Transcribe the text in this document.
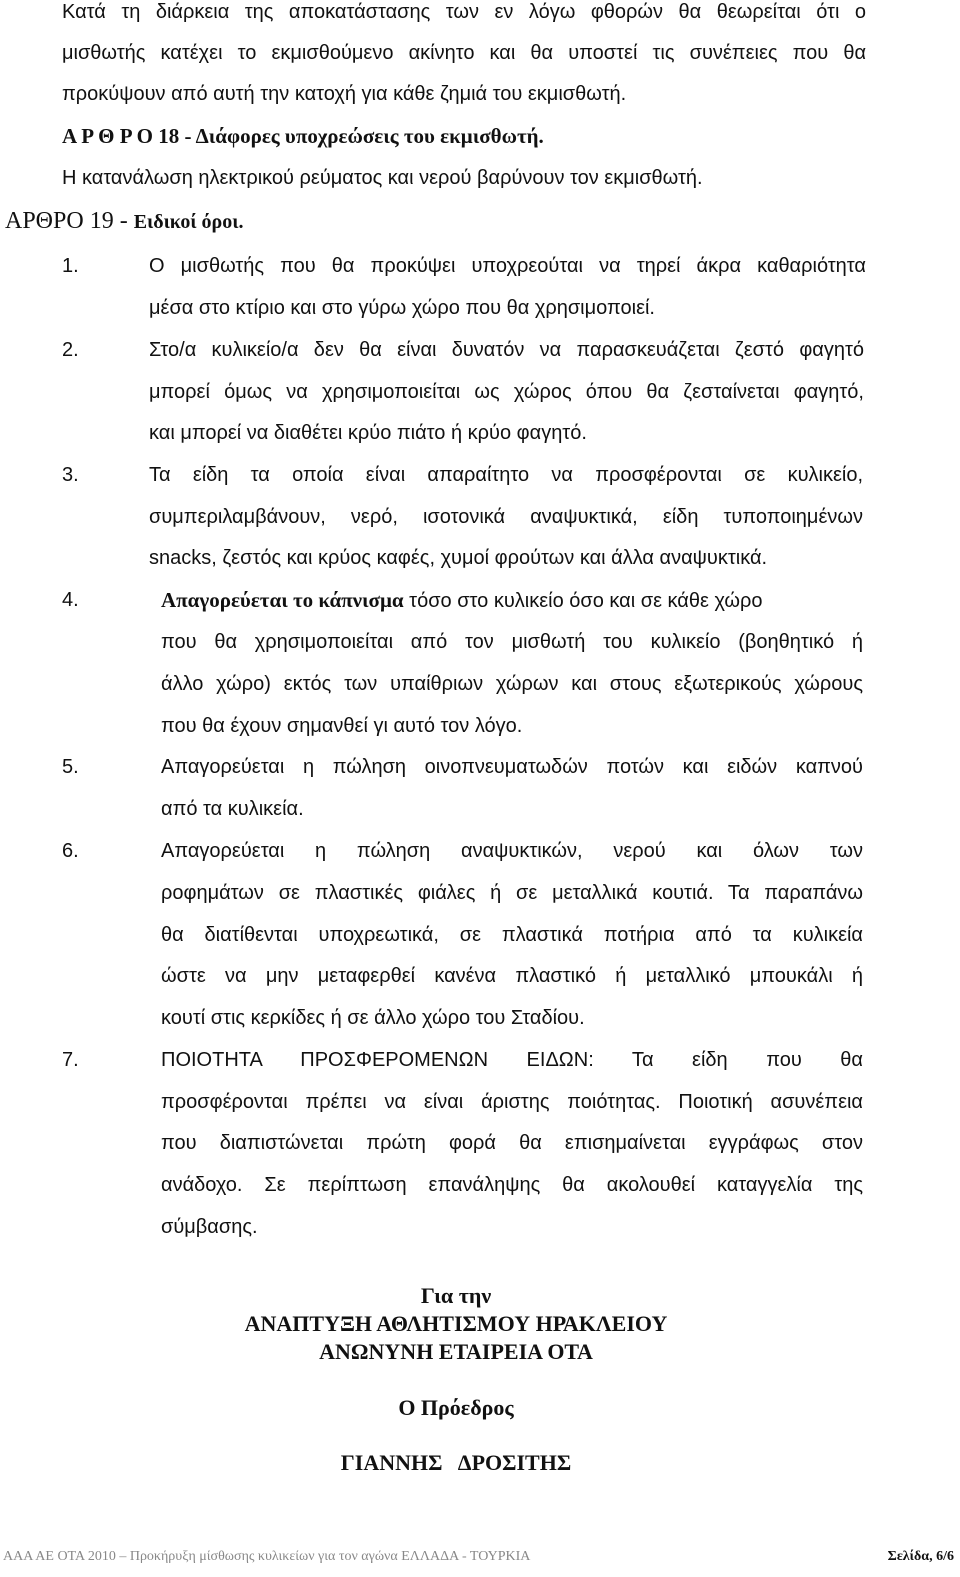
Κατά τη διάρκεια της αποκατάστασης των εν λόγω φθορών θα θεωρείται ότι ο
μισθωτής κατέχει το εκμισθούμενο ακίνητο και θα υποστεί τις συνέπειες που θα
προκύψουν από αυτή την κατοχή για κάθε ζημιά του εκμισθωτή.
Α Ρ Θ Ρ Ο 18 - Διάφορες υποχρεώσεις του εκμισθωτή.
Η κατανάλωση ηλεκτρικού ρεύματος και νερού βαρύνουν τον εκμισθωτή.
ΑΡΘΡΟ 19 - Ειδικοί όροι.
1.	Ο μισθωτής που θα προκύψει υποχρεούται να τηρεί άκρα καθαριότητα
μέσα στο κτίριο και στο γύρω χώρο που θα χρησιμοποιεί.
2.	Στο/α κυλικείο/α δεν θα είναι δυνατόν να παρασκευάζεται ζεστό φαγητό
μπορεί όμως να χρησιμοποιείται ως χώρος όπου θα ζεσταίνεται φαγητό,
και μπορεί να διαθέτει κρύο πιάτο ή κρύο φαγητό.
3.	Τα είδη τα οποία είναι απαραίτητο να προσφέρονται σε κυλικείο,
συμπεριλαμβάνουν, νερό, ισοτονικά αναψυκτικά, είδη τυποποιημένων
snacks, ζεστός και κρύος καφές, χυμοί φρούτων και άλλα αναψυκτικά.
4.	Απαγορεύεται το κάπνισμα τόσο στο κυλικείο όσο και σε κάθε χώρο
που θα χρησιμοποιείται από τον μισθωτή του κυλικείο (βοηθητικό ή
άλλο χώρο) εκτός των υπαίθριων χώρων και στους εξωτερικούς χώρους
που θα έχουν σημανθεί γι αυτό τον λόγο.
5.	Απαγορεύεται η πώληση οινοπνευματωδών ποτών και ειδών καπνού
από τα κυλικεία.
6.	Απαγορεύεται η πώληση αναψυκτικών, νερού και όλων των
ροφημάτων σε πλαστικές φιάλες ή σε μεταλλικά κουτιά. Τα παραπάνω
θα διατίθενται υποχρεωτικά, σε πλαστικά ποτήρια από τα κυλικεία
ώστε να μην μεταφερθεί κανένα πλαστικό ή μεταλλικό μπουκάλι ή
κουτί στις κερκίδες ή σε άλλο χώρο του Σταδίου.
7.	ΠΟΙΟΤΗΤΑ ΠΡΟΣΦΕΡΟΜΕΝΩΝ ΕΙΔΩΝ: Τα είδη που θα
προσφέρονται πρέπει να είναι άριστης ποιότητας. Ποιοτική ασυνέπεια
που διαπιστώνεται πρώτη φορά θα επισημαίνεται εγγράφως στον
ανάδοχο. Σε περίπτωση επανάληψης θα ακολουθεί καταγγελία της
σύμβασης.
Για την
ΑΝΑΠΤΥΞΗ ΑΘΛΗΤΙΣΜΟΥ ΗΡΑΚΛΕΙΟΥ
ΑΝΩΝΥΝΗ ΕΤΑΙΡΕΙΑ ΟΤΑ
Ο Πρόεδρος
ΓΙΑΝΝΗΣ   ΔΡΟΣΙΤΗΣ
ΑΑΑ ΑΕ ΟΤΑ 2010 – Προκήρυξη μίσθωσης κυλικείων για τον αγώνα ΕΛΛΑΔΑ - ΤΟΥΡΚΙΑ	Σελίδα, 6/6
